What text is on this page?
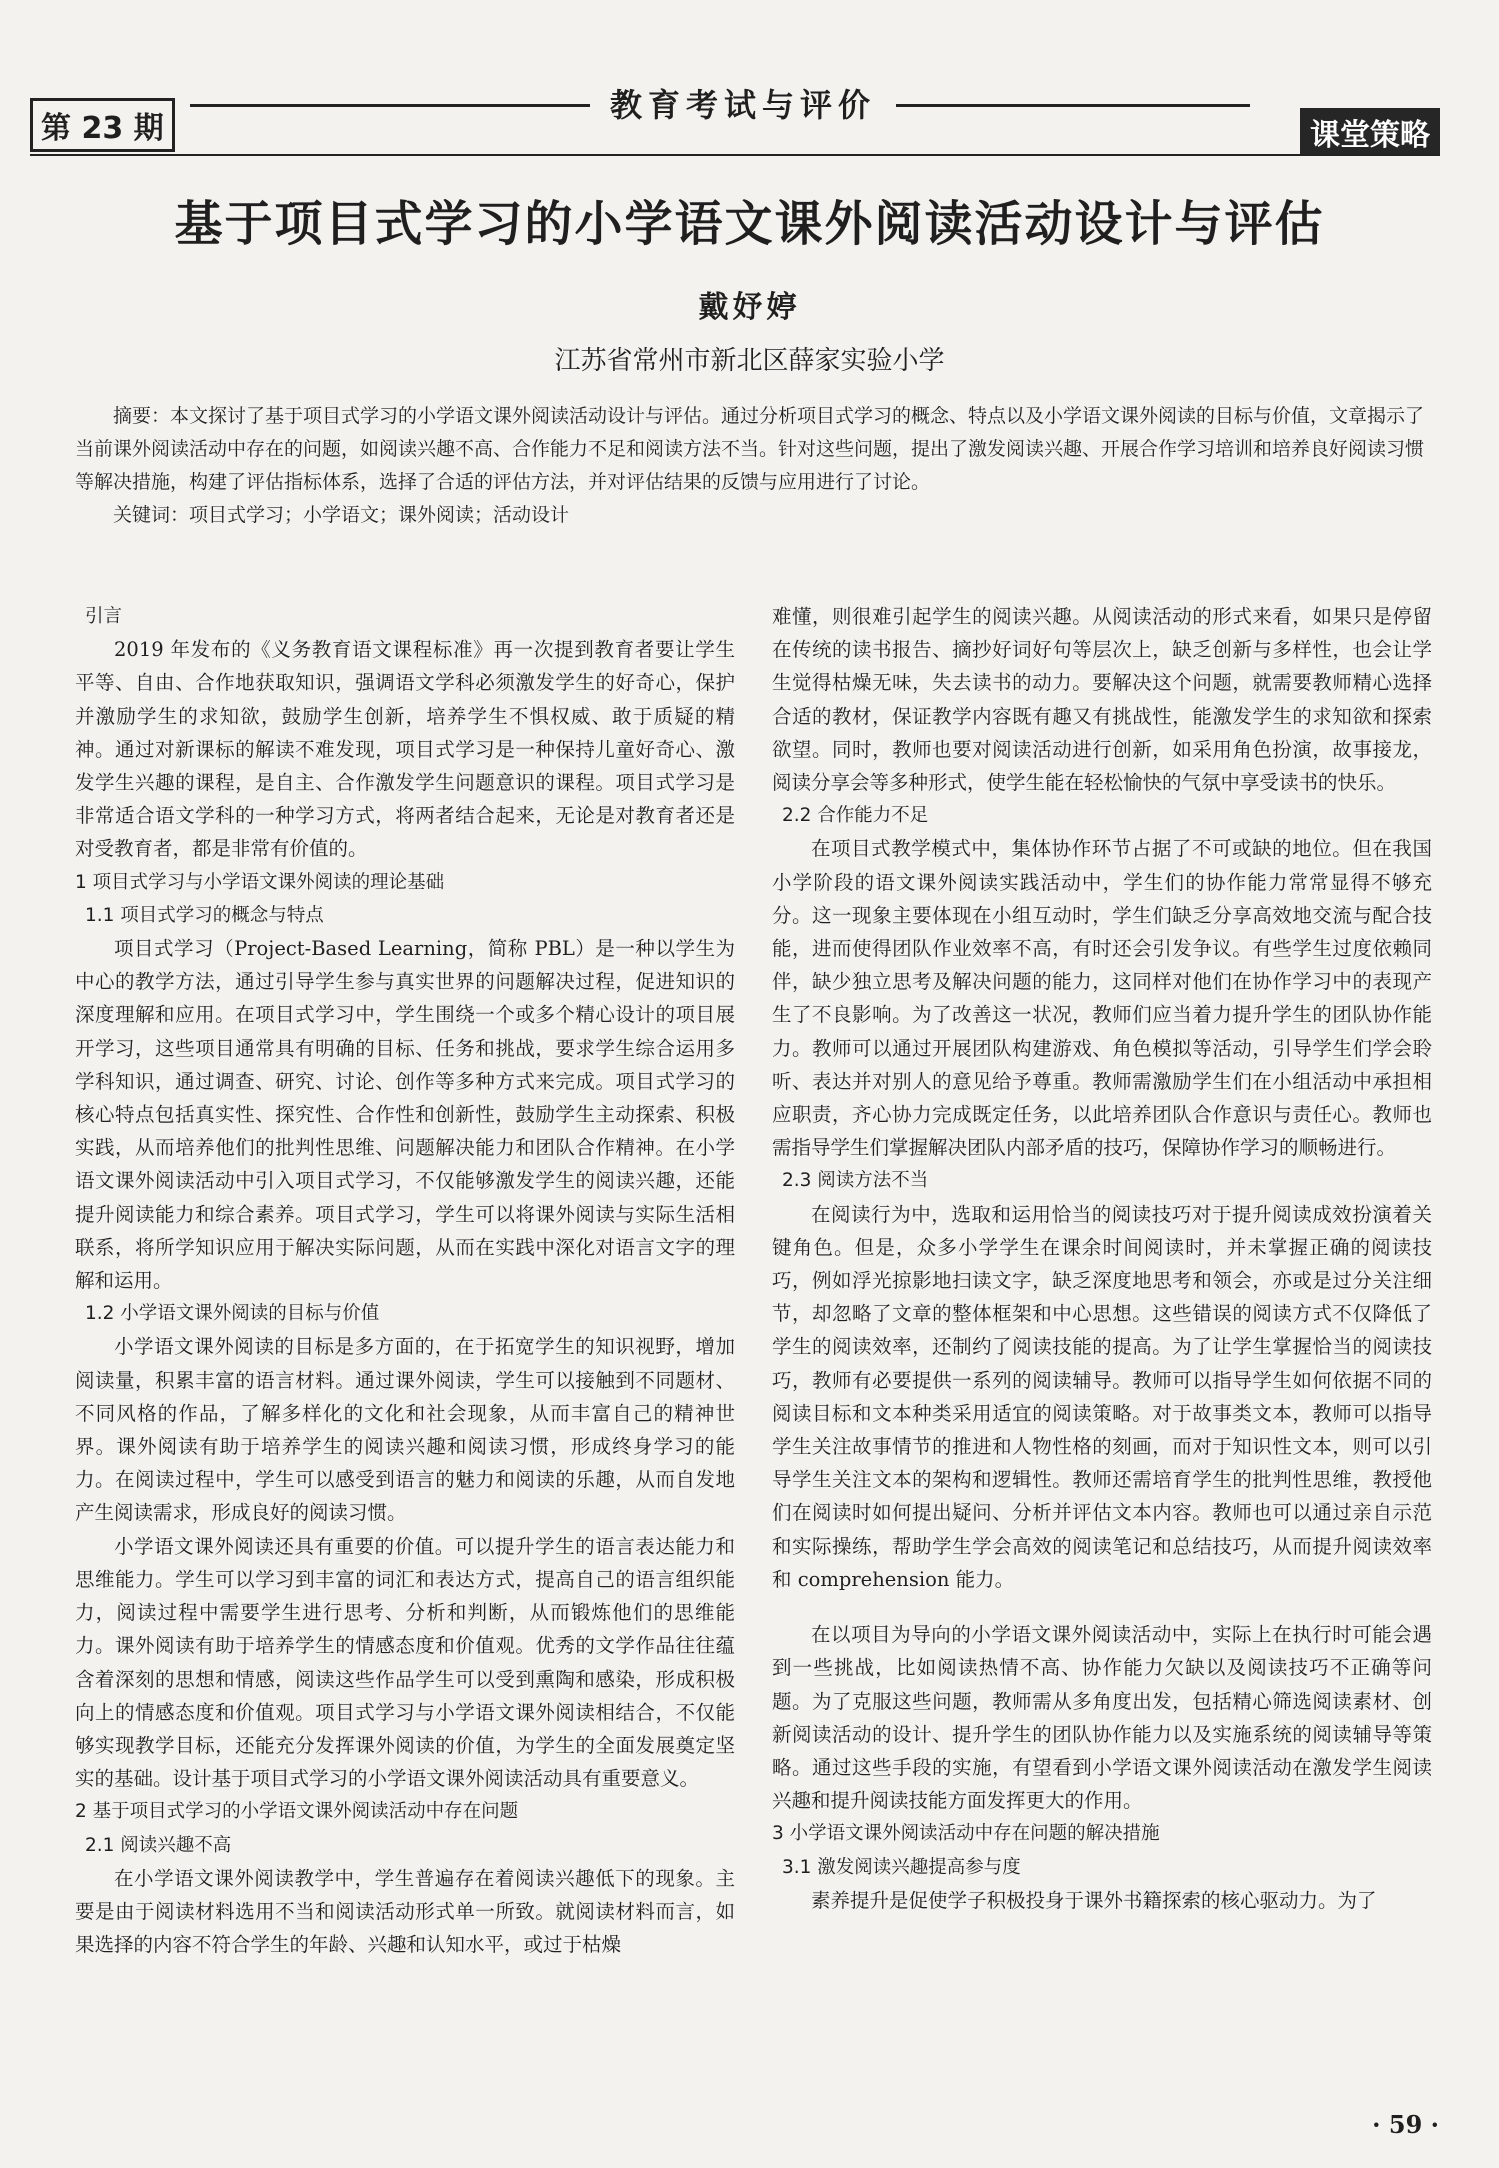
第 23 期
教育考试与评价
课堂策略
基于项目式学习的小学语文课外阅读活动设计与评估
戴妤婷
江苏省常州市新北区薛家实验小学

摘要：本文探讨了基于项目式学习的小学语文课外阅读活动设计与评估。通过分析项目式学习的概念、特点以及小学语文课外阅读的目标与价值，文章揭示了当前课外阅读活动中存在的问题，如阅读兴趣不高、合作能力不足和阅读方法不当。针对这些问题，提出了激发阅读兴趣、开展合作学习培训和培养良好阅读习惯等解决措施，构建了评估指标体系，选择了合适的评估方法，并对评估结果的反馈与应用进行了讨论。

关键词：项目式学习；小学语文；课外阅读；活动设计

引言

2019 年发布的《义务教育语文课程标准》再一次提到教育者要让学生平等、自由、合作地获取知识，强调语文学科必须激发学生的好奇心，保护并激励学生的求知欲，鼓励学生创新，培养学生不惧权威、敢于质疑的精神。通过对新课标的解读不难发现，项目式学习是一种保持儿童好奇心、激发学生兴趣的课程，是自主、合作激发学生问题意识的课程。项目式学习是非常适合语文学科的一种学习方式，将两者结合起来，无论是对教育者还是对受教育者，都是非常有价值的。

1 项目式学习与小学语文课外阅读的理论基础

1.1 项目式学习的概念与特点

项目式学习（Project-Based Learning，简称 PBL）是一种以学生为中心的教学方法，通过引导学生参与真实世界的问题解决过程，促进知识的深度理解和应用。在项目式学习中，学生围绕一个或多个精心设计的项目展开学习，这些项目通常具有明确的目标、任务和挑战，要求学生综合运用多学科知识，通过调查、研究、讨论、创作等多种方式来完成。项目式学习的核心特点包括真实性、探究性、合作性和创新性，鼓励学生主动探索、积极实践，从而培养他们的批判性思维、问题解决能力和团队合作精神。在小学语文课外阅读活动中引入项目式学习，不仅能够激发学生的阅读兴趣，还能提升阅读能力和综合素养。项目式学习，学生可以将课外阅读与实际生活相联系，将所学知识应用于解决实际问题，从而在实践中深化对语言文字的理解和运用。

1.2 小学语文课外阅读的目标与价值

小学语文课外阅读的目标是多方面的，在于拓宽学生的知识视野，增加阅读量，积累丰富的语言材料。通过课外阅读，学生可以接触到不同题材、不同风格的作品，了解多样化的文化和社会现象，从而丰富自己的精神世界。课外阅读有助于培养学生的阅读兴趣和阅读习惯，形成终身学习的能力。在阅读过程中，学生可以感受到语言的魅力和阅读的乐趣，从而自发地产生阅读需求，形成良好的阅读习惯。

小学语文课外阅读还具有重要的价值。可以提升学生的语言表达能力和思维能力。学生可以学习到丰富的词汇和表达方式，提高自己的语言组织能力，阅读过程中需要学生进行思考、分析和判断，从而锻炼他们的思维能力。课外阅读有助于培养学生的情感态度和价值观。优秀的文学作品往往蕴含着深刻的思想和情感，阅读这些作品学生可以受到熏陶和感染，形成积极向上的情感态度和价值观。项目式学习与小学语文课外阅读相结合，不仅能够实现教学目标，还能充分发挥课外阅读的价值，为学生的全面发展奠定坚实的基础。设计基于项目式学习的小学语文课外阅读活动具有重要意义。

2 基于项目式学习的小学语文课外阅读活动中存在问题

2.1 阅读兴趣不高

在小学语文课外阅读教学中，学生普遍存在着阅读兴趣低下的现象。主要是由于阅读材料选用不当和阅读活动形式单一所致。就阅读材料而言，如果选择的内容不符合学生的年龄、兴趣和认知水平，或过于枯燥

难懂，则很难引起学生的阅读兴趣。从阅读活动的形式来看，如果只是停留在传统的读书报告、摘抄好词好句等层次上，缺乏创新与多样性，也会让学生觉得枯燥无味，失去读书的动力。要解决这个问题，就需要教师精心选择合适的教材，保证教学内容既有趣又有挑战性，能激发学生的求知欲和探索欲望。同时，教师也要对阅读活动进行创新，如采用角色扮演，故事接龙，阅读分享会等多种形式，使学生能在轻松愉快的气氛中享受读书的快乐。

2.2 合作能力不足

在项目式教学模式中，集体协作环节占据了不可或缺的地位。但在我国小学阶段的语文课外阅读实践活动中，学生们的协作能力常常显得不够充分。这一现象主要体现在小组互动时，学生们缺乏分享高效地交流与配合技能，进而使得团队作业效率不高，有时还会引发争议。有些学生过度依赖同伴，缺少独立思考及解决问题的能力，这同样对他们在协作学习中的表现产生了不良影响。为了改善这一状况，教师们应当着力提升学生的团队协作能力。教师可以通过开展团队构建游戏、角色模拟等活动，引导学生们学会聆听、表达并对别人的意见给予尊重。教师需激励学生们在小组活动中承担相应职责，齐心协力完成既定任务，以此培养团队合作意识与责任心。教师也需指导学生们掌握解决团队内部矛盾的技巧，保障协作学习的顺畅进行。

2.3 阅读方法不当

在阅读行为中，选取和运用恰当的阅读技巧对于提升阅读成效扮演着关键角色。但是，众多小学学生在课余时间阅读时，并未掌握正确的阅读技巧，例如浮光掠影地扫读文字，缺乏深度地思考和领会，亦或是过分关注细节，却忽略了文章的整体框架和中心思想。这些错误的阅读方式不仅降低了学生的阅读效率，还制约了阅读技能的提高。为了让学生掌握恰当的阅读技巧，教师有必要提供一系列的阅读辅导。教师可以指导学生如何依据不同的阅读目标和文本种类采用适宜的阅读策略。对于故事类文本，教师可以指导学生关注故事情节的推进和人物性格的刻画，而对于知识性文本，则可以引导学生关注文本的架构和逻辑性。教师还需培育学生的批判性思维，教授他们在阅读时如何提出疑问、分析并评估文本内容。教师也可以通过亲自示范和实际操练，帮助学生学会高效的阅读笔记和总结技巧，从而提升阅读效率和 comprehension 能力。

在以项目为导向的小学语文课外阅读活动中，实际上在执行时可能会遇到一些挑战，比如阅读热情不高、协作能力欠缺以及阅读技巧不正确等问题。为了克服这些问题，教师需从多角度出发，包括精心筛选阅读素材、创新阅读活动的设计、提升学生的团队协作能力以及实施系统的阅读辅导等策略。通过这些手段的实施，有望看到小学语文课外阅读活动在激发学生阅读兴趣和提升阅读技能方面发挥更大的作用。

3 小学语文课外阅读活动中存在问题的解决措施

3.1 激发阅读兴趣提高参与度

素养提升是促使学子积极投身于课外书籍探索的核心驱动力。为了

· 59 ·
